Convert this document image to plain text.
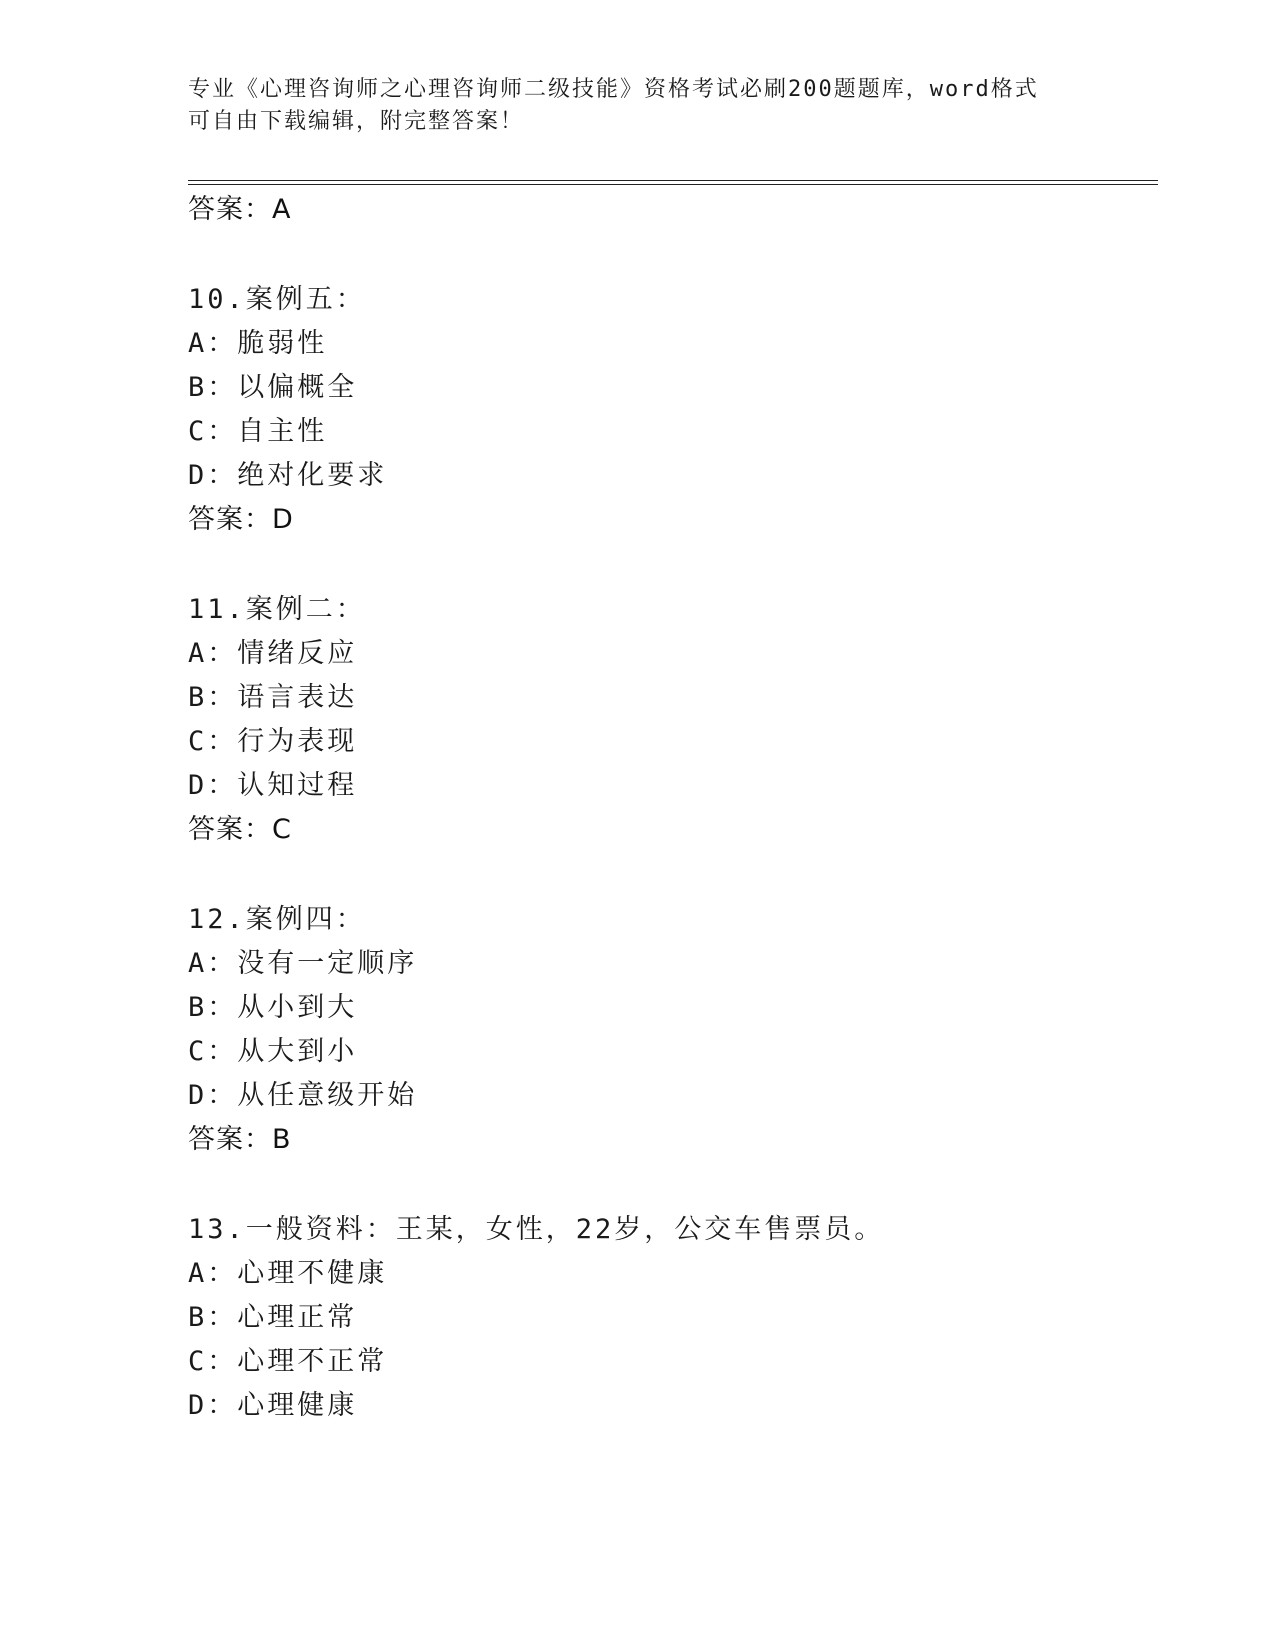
专业《心理咨询师之心理咨询师二级技能》资格考试必刷200题题库，word格式
可自由下载编辑，附完整答案！
答案：A
10.案例五：
A：脆弱性
B：以偏概全
C：自主性
D：绝对化要求
答案：D
11.案例二：
A：情绪反应
B：语言表达
C：行为表现
D：认知过程
答案：C
12.案例四：
A：没有一定顺序
B：从小到大
C：从大到小
D：从任意级开始
答案：B
13.一般资料：王某，女性，22岁，公交车售票员。
A：心理不健康
B：心理正常
C：心理不正常
D：心理健康
